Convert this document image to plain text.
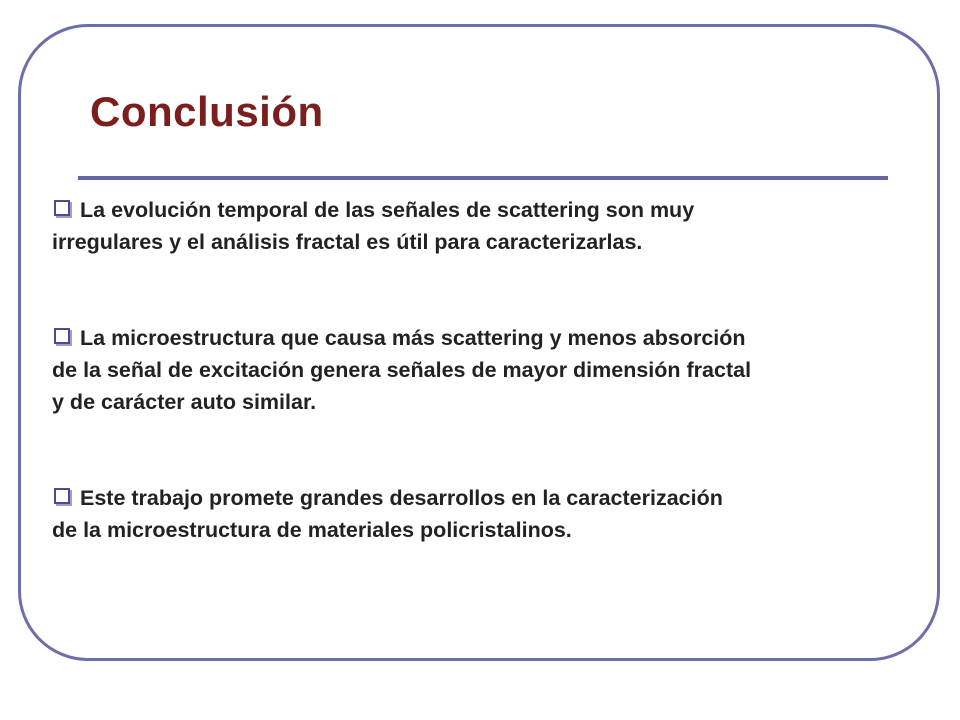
Conclusión

La evolución temporal de las señales de scattering son muy
irregulares y el análisis fractal es útil para caracterizarlas.

La microestructura que causa más scattering y menos absorción
de la señal de excitación genera señales de mayor dimensión fractal
y de carácter auto similar.

Este trabajo promete grandes desarrollos en la caracterización
de la microestructura de materiales policristalinos.
